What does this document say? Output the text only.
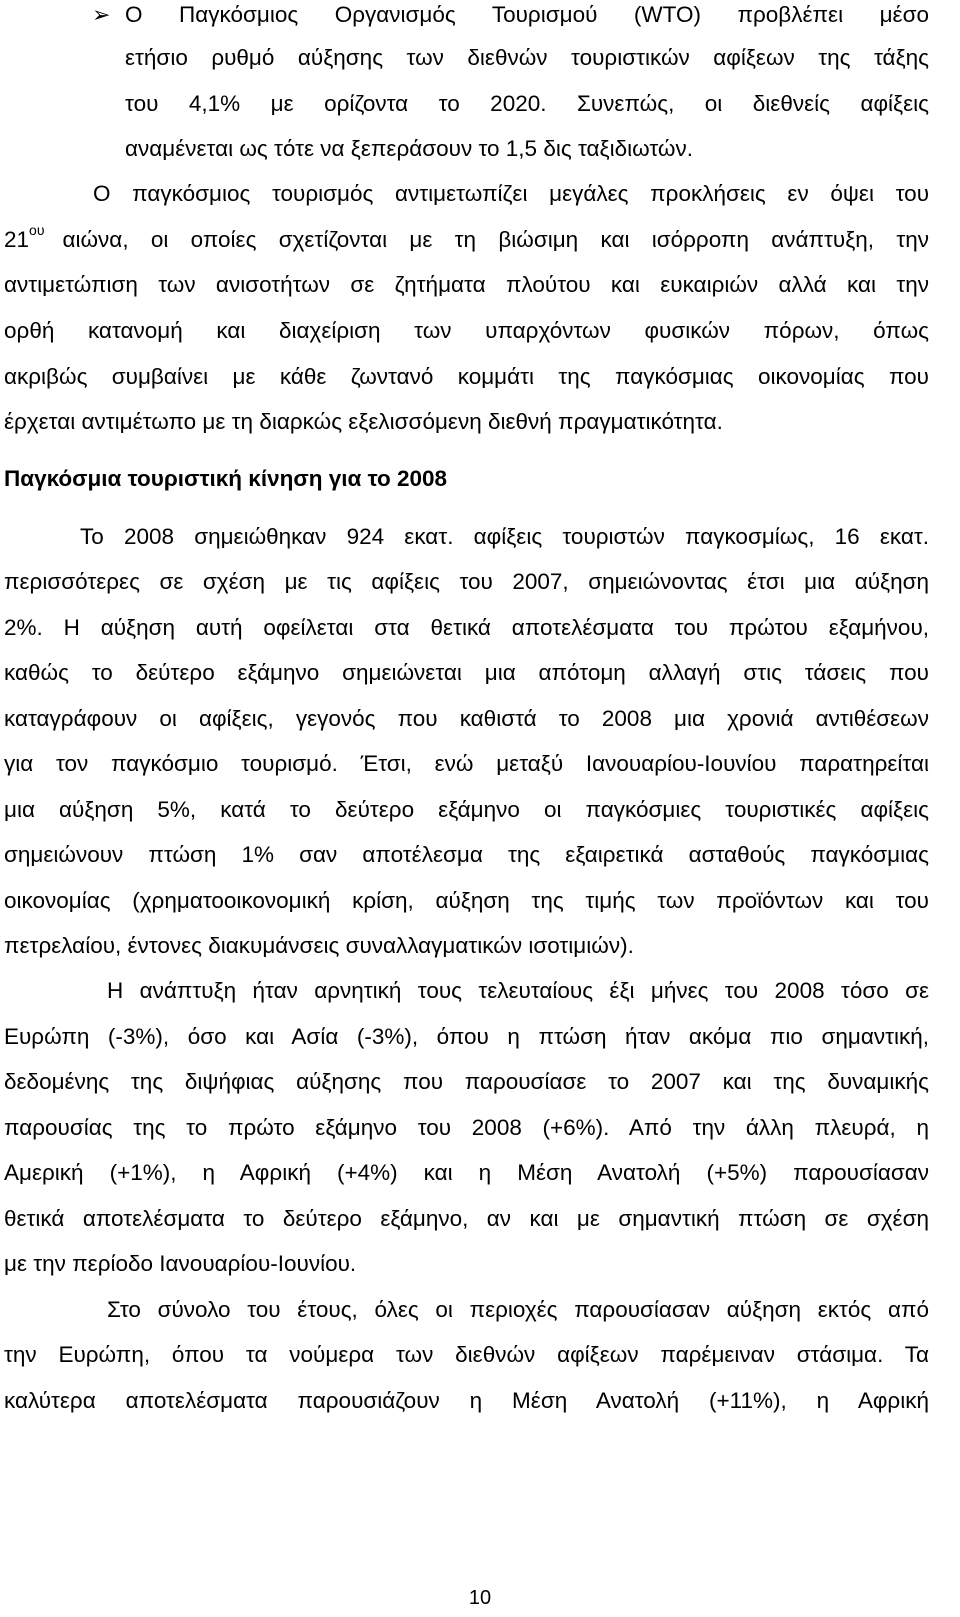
➢ Ο Παγκόσμιος Οργανισμός Τουρισμού (WTO) προβλέπει μέσο
ετήσιο ρυθμό αύξησης των διεθνών τουριστικών αφίξεων της τάξης
του 4,1% με ορίζοντα το 2020. Συνεπώς, οι διεθνείς αφίξεις
αναμένεται ως τότε να ξεπεράσουν το 1,5 δις ταξιδιωτών.
Ο παγκόσμιος τουρισμός αντιμετωπίζει μεγάλες προκλήσεις εν όψει του
$21^{o\upsilon}$ αιώνα, οι οποίες σχετίζονται με τη βιώσιμη και ισόρροπη ανάπτυξη, την
αντιμετώπιση των ανισοτήτων σε ζητήματα πλούτου και ευκαιριών αλλά και την
ορθή κατανομή και διαχείριση των υπαρχόντων φυσικών πόρων, όπως
ακριβώς συμβαίνει με κάθε ζωντανό κομμάτι της παγκόσμιας οικονομίας που
έρχεται αντιμέτωπο με τη διαρκώς εξελισσόμενη διεθνή πραγματικότητα.
Παγκόσμια τουριστική κίνηση για το 2008
Το 2008 σημειώθηκαν 924 εκατ. αφίξεις τουριστών παγκοσμίως, 16 εκατ.
περισσότερες σε σχέση με τις αφίξεις του 2007, σημειώνοντας έτσι μια αύξηση
2%. Η αύξηση αυτή οφείλεται στα θετικά αποτελέσματα του πρώτου εξαμήνου,
καθώς το δεύτερο εξάμηνο σημειώνεται μια απότομη αλλαγή στις τάσεις που
καταγράφουν οι αφίξεις, γεγονός που καθιστά το 2008 μια χρονιά αντιθέσεων
για τον παγκόσμιο τουρισμό. Έτσι, ενώ μεταξύ Ιανουαρίου-Ιουνίου παρατηρείται
μια αύξηση 5%, κατά το δεύτερο εξάμηνο οι παγκόσμιες τουριστικές αφίξεις
σημειώνουν πτώση 1% σαν αποτέλεσμα της εξαιρετικά ασταθούς παγκόσμιας
οικονομίας (χρηματοοικονομική κρίση, αύξηση της τιμής των προϊόντων και του
πετρελαίου, έντονες διακυμάνσεις συναλλαγματικών ισοτιμιών).
Η ανάπτυξη ήταν αρνητική τους τελευταίους έξι μήνες του 2008 τόσο σε
Ευρώπη (-3%), όσο και Ασία (-3%), όπου η πτώση ήταν ακόμα πιο σημαντική,
δεδομένης της διψήφιας αύξησης που παρουσίασε το 2007 και της δυναμικής
παρουσίας της το πρώτο εξάμηνο του 2008 (+6%). Από την άλλη πλευρά, η
Αμερική (+1%), η Αφρική (+4%) και η Μέση Ανατολή (+5%) παρουσίασαν
θετικά αποτελέσματα το δεύτερο εξάμηνο, αν και με σημαντική πτώση σε σχέση
με την περίοδο Ιανουαρίου-Ιουνίου.
Στο σύνολο του έτους, όλες οι περιοχές παρουσίασαν αύξηση εκτός από
την Ευρώπη, όπου τα νούμερα των διεθνών αφίξεων παρέμειναν στάσιμα. Τα
καλύτερα αποτελέσματα παρουσιάζουν η Μέση Ανατολή (+11%), η Αφρική
10
